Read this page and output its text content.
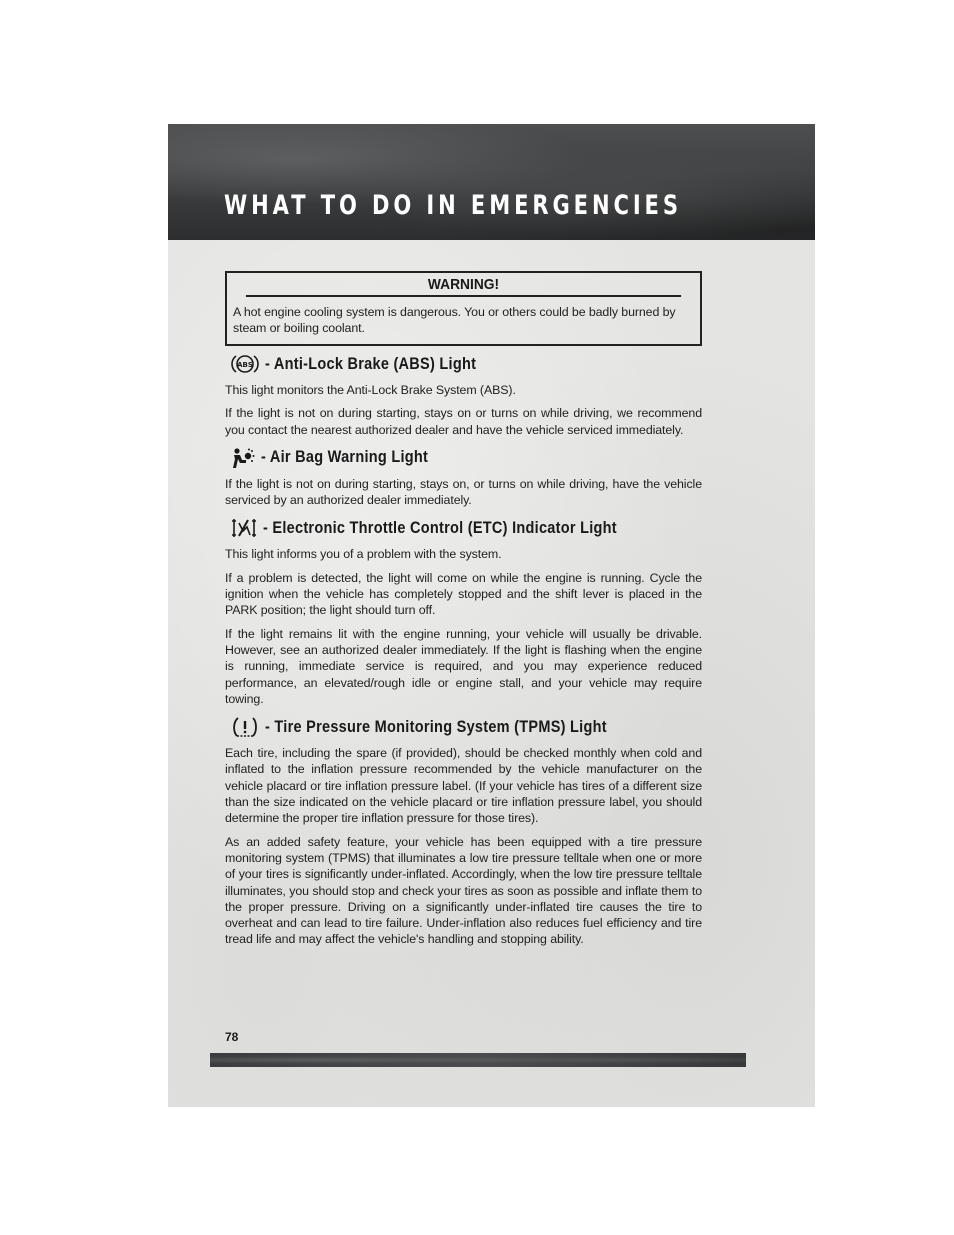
WHAT TO DO IN EMERGENCIES
WARNING!
A hot engine cooling system is dangerous. You or others could be badly burned by steam or boiling coolant.
ABS - Anti-Lock Brake (ABS) Light

This light monitors the Anti-Lock Brake System (ABS).

If the light is not on during starting, stays on or turns on while driving, we recommend you contact the nearest authorized dealer and have the vehicle serviced immediately.

- Air Bag Warning Light

If the light is not on during starting, stays on, or turns on while driving, have the vehicle serviced by an authorized dealer immediately.

- Electronic Throttle Control (ETC) Indicator Light

This light informs you of a problem with the system.

If a problem is detected, the light will come on while the engine is running. Cycle the ignition when the vehicle has completely stopped and the shift lever is placed in the PARK position; the light should turn off.

If the light remains lit with the engine running, your vehicle will usually be drivable. However, see an authorized dealer immediately. If the light is flashing when the engine is running, immediate service is required, and you may experience reduced performance, an elevated/rough idle or engine stall, and your vehicle may require towing.

- Tire Pressure Monitoring System (TPMS) Light

Each tire, including the spare (if provided), should be checked monthly when cold and inflated to the inflation pressure recommended by the vehicle manufacturer on the vehicle placard or tire inflation pressure label. (If your vehicle has tires of a different size than the size indicated on the vehicle placard or tire inflation pressure label, you should determine the proper tire inflation pressure for those tires).

As an added safety feature, your vehicle has been equipped with a tire pressure monitoring system (TPMS) that illuminates a low tire pressure telltale when one or more of your tires is significantly under-inflated. Accordingly, when the low tire pressure telltale illuminates, you should stop and check your tires as soon as possible and inflate them to the proper pressure. Driving on a significantly under-inflated tire causes the tire to overheat and can lead to tire failure. Under-inflation also reduces fuel efficiency and tire tread life and may affect the vehicle's handling and stopping ability.

78
